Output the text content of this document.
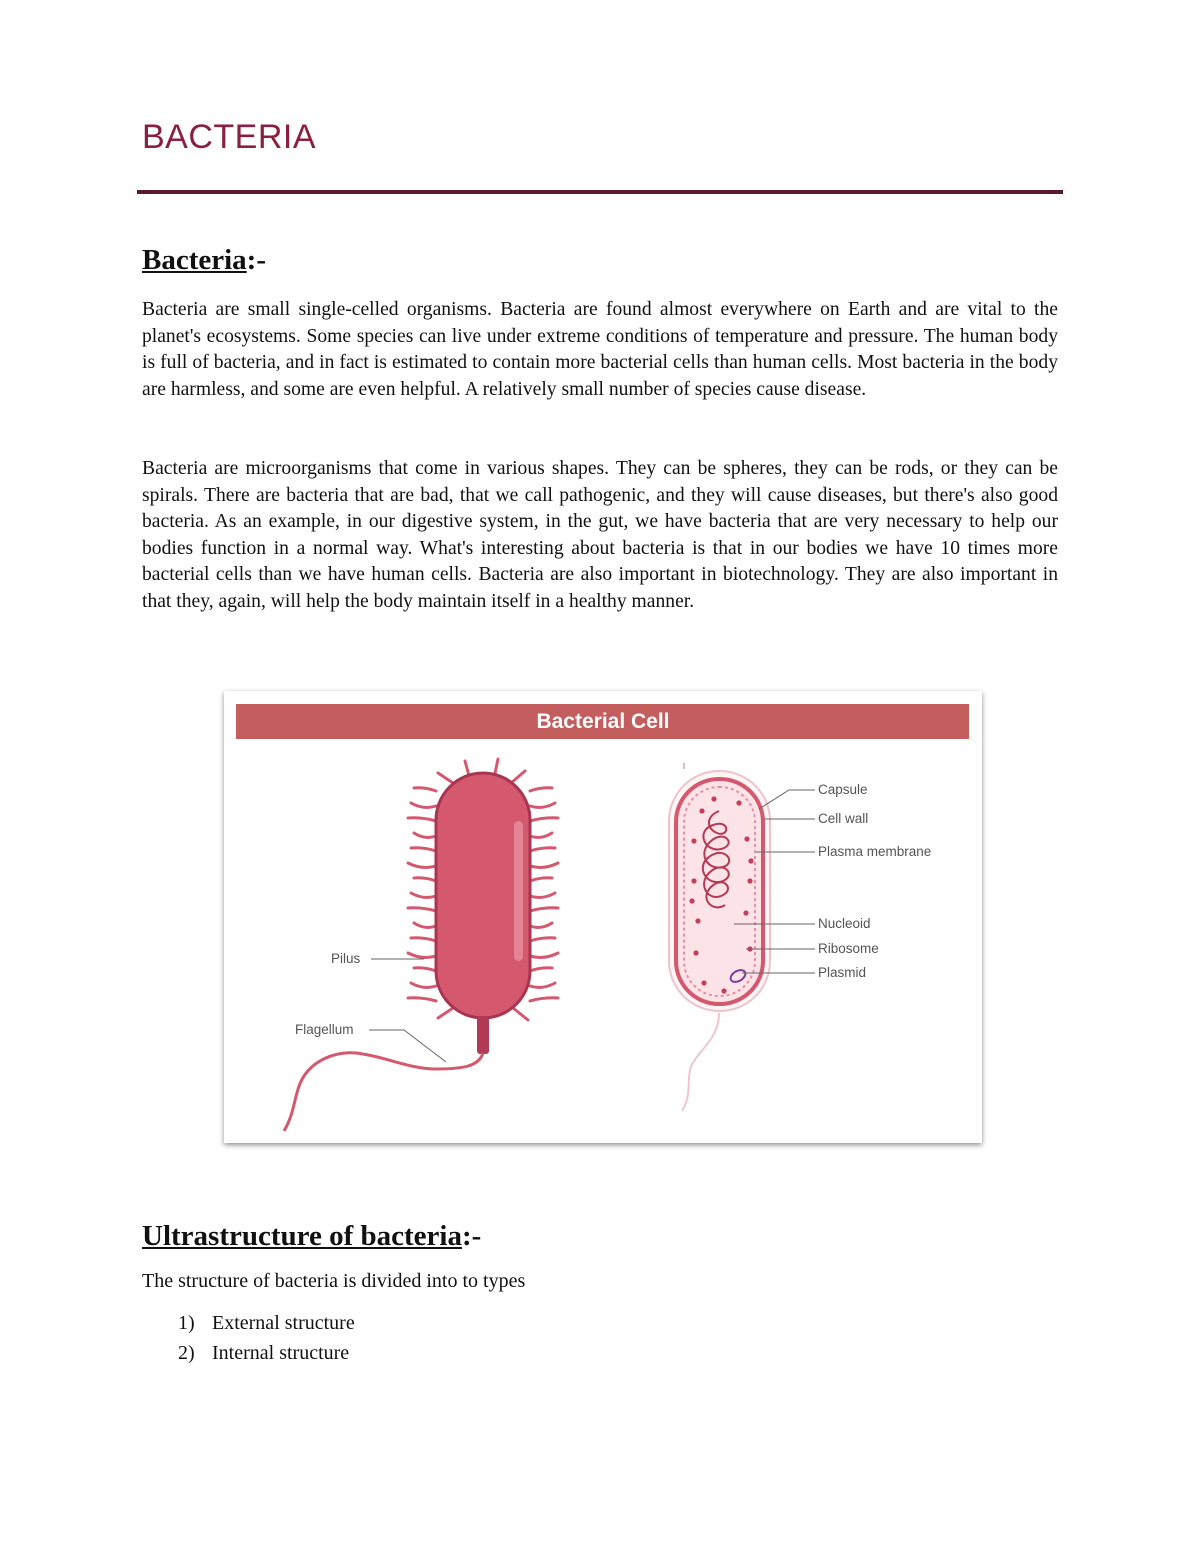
BACTERIA
Bacteria:-

Bacteria are small single-celled organisms. Bacteria are found almost everywhere on Earth and are vital to the planet's ecosystems. Some species can live under extreme conditions of temperature and pressure. The human body is full of bacteria, and in fact is estimated to contain more bacterial cells than human cells. Most bacteria in the body are harmless, and some are even helpful. A relatively small number of species cause disease.

Bacteria are microorganisms that come in various shapes. They can be spheres, they can be rods, or they can be spirals. There are bacteria that are bad, that we call pathogenic, and they will cause diseases, but there's also good bacteria. As an example, in our digestive system, in the gut, we have bacteria that are very necessary to help our bodies function in a normal way. What's interesting about bacteria is that in our bodies we have 10 times more bacterial cells than we have human cells. Bacteria are also important in biotechnology. They are also important in that they, again, will help the body maintain itself in a healthy manner.

Bacterial Cell
Pilus
Flagellum
Capsule
Cell wall
Plasma membrane
Nucleoid
Ribosome
Plasmid
Ultrastructure of bacteria:-

The structure of bacteria is divided into to types

1) External structure
2) Internal structure
